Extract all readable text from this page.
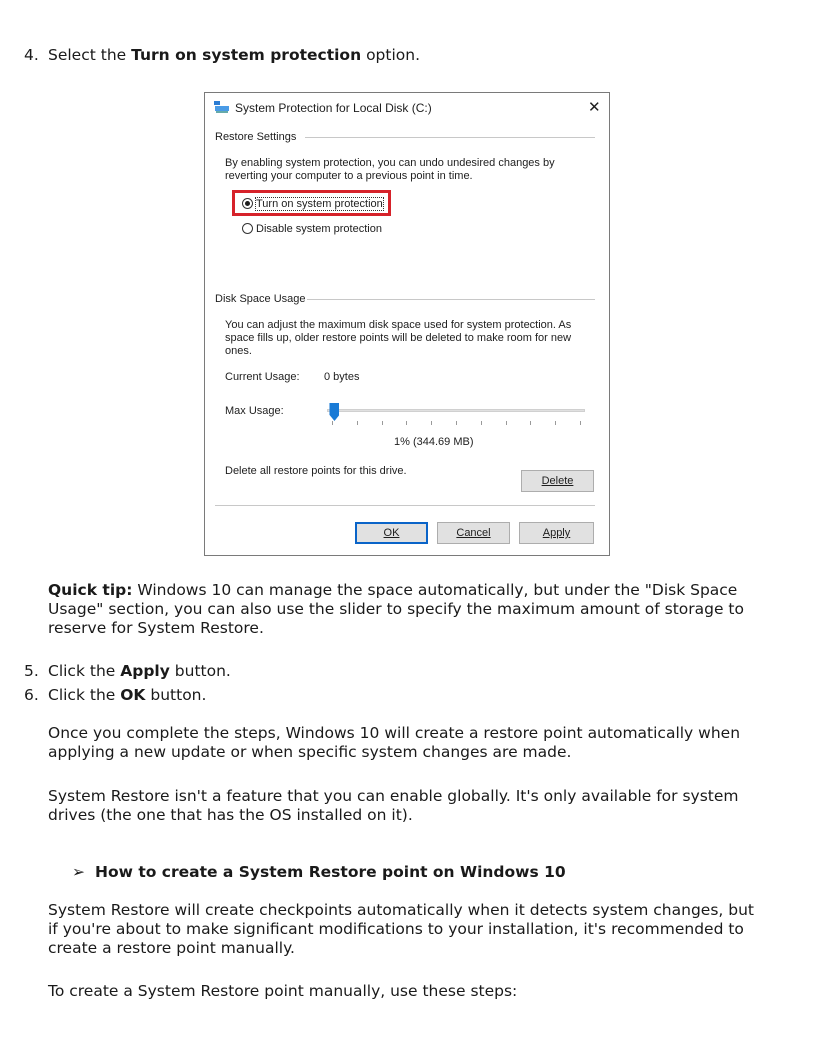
4. Select the Turn on system protection option.

System Protection for Local Disk (C:)	✕
Restore Settings
By enabling system protection, you can undo undesired changes by
reverting your computer to a previous point in time.
Turn on system protection
Disable system protection
Disk Space Usage
You can adjust the maximum disk space used for system protection. As
space fills up, older restore points will be deleted to make room for new
ones.
Current Usage: 0 bytes
Max Usage:
1% (344.69 MB)
Delete all restore points for this drive.
Delete
OK	Cancel	Apply

Quick tip: Windows 10 can manage the space automatically, but under the "Disk Space
Usage" section, you can also use the slider to specify the maximum amount of storage to
reserve for System Restore.

5. Click the Apply button.

6. Click the OK button.

Once you complete the steps, Windows 10 will create a restore point automatically when
applying a new update or when specific system changes are made.

System Restore isn't a feature that you can enable globally. It's only available for system
drives (the one that has the OS installed on it).

➢ How to create a System Restore point on Windows 10

System Restore will create checkpoints automatically when it detects system changes, but
if you're about to make significant modifications to your installation, it's recommended to
create a restore point manually.

To create a System Restore point manually, use these steps:
